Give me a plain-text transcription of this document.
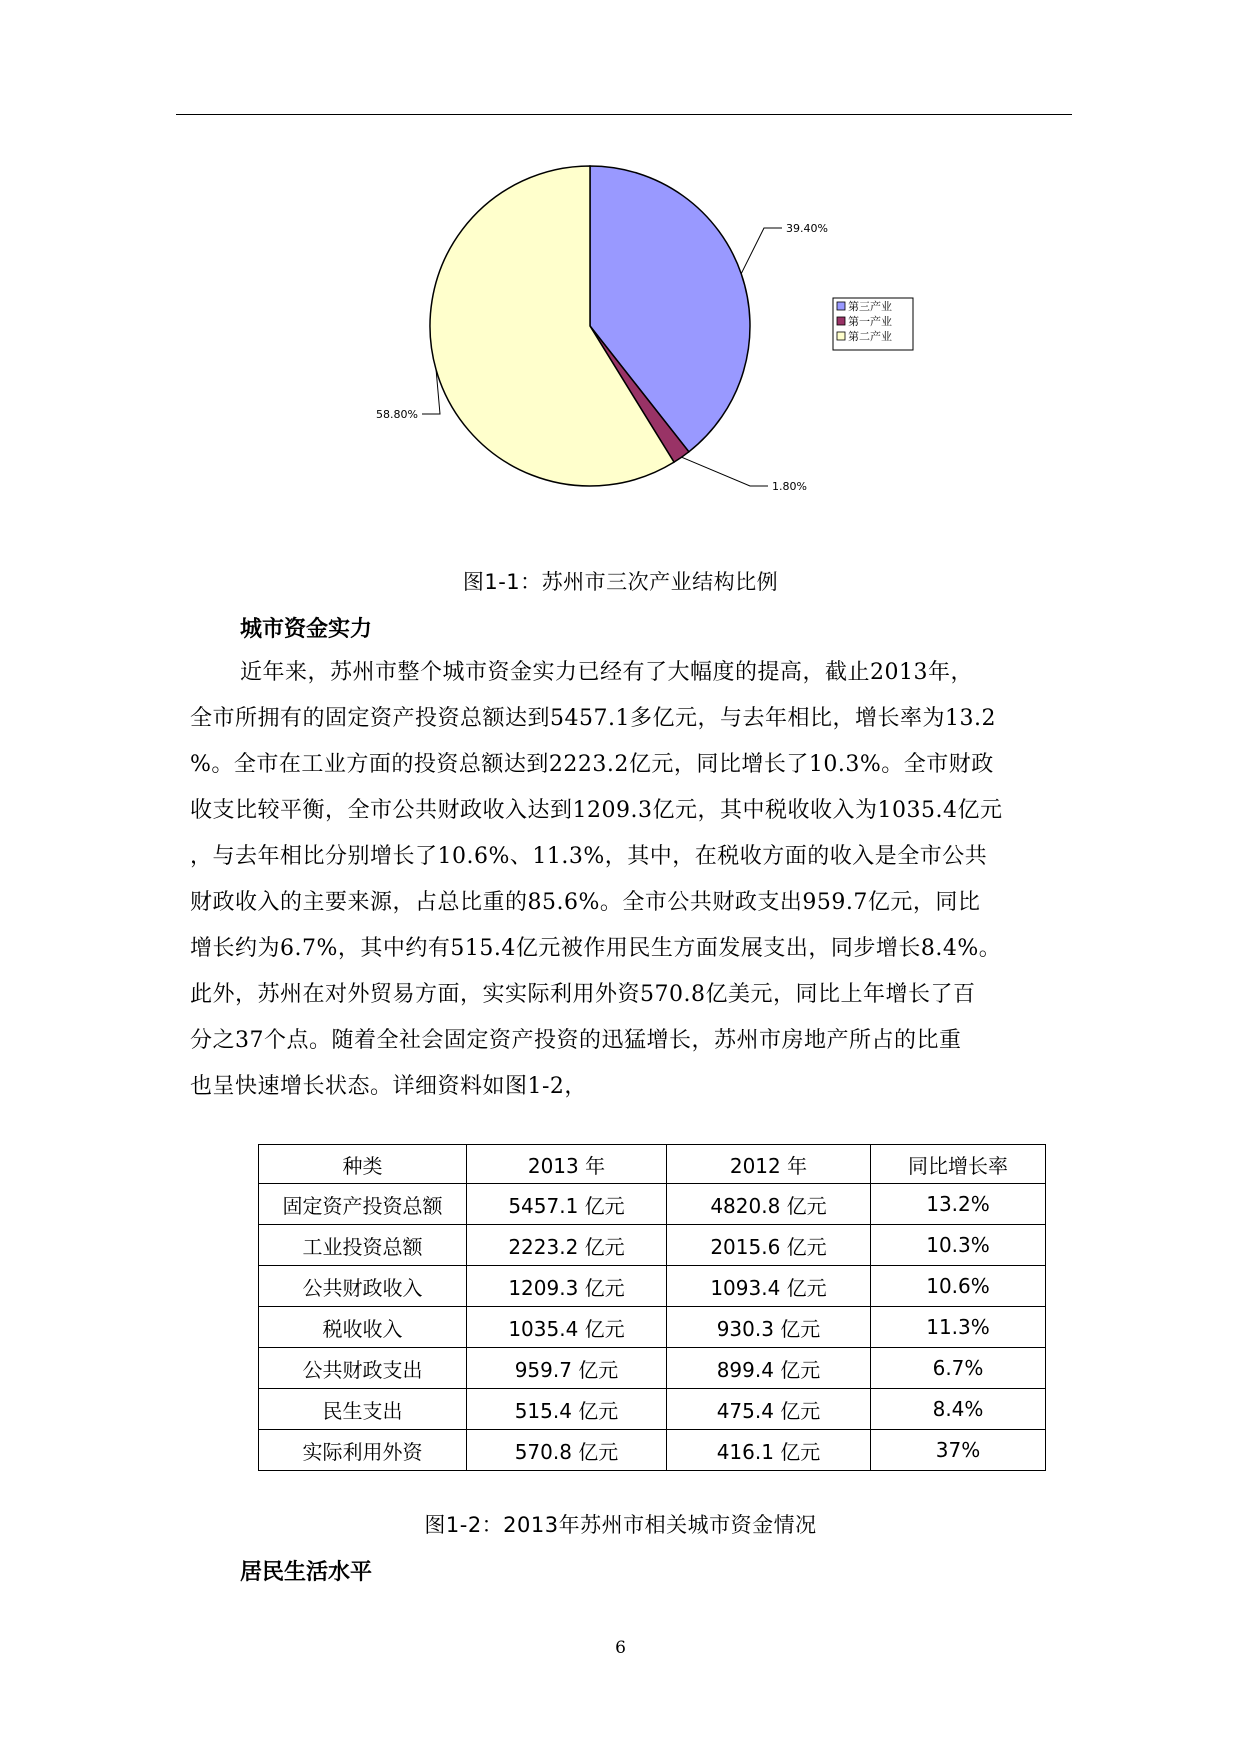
39.40%
1.80%
58.80%
第三产业
第一产业
第二产业
图1-1：苏州市三次产业结构比例
城市资金实力
近年来，苏州市整个城市资金实力已经有了大幅度的提高，截止2013年，
全市所拥有的固定资产投资总额达到5457.1多亿元，与去年相比，增长率为13.2
%。全市在工业方面的投资总额达到2223.2亿元，同比增长了10.3%。全市财政
收支比较平衡，全市公共财政收入达到1209.3亿元，其中税收收入为1035.4亿元
，与去年相比分别增长了10.6%、11.3%，其中，在税收方面的收入是全市公共
财政收入的主要来源，占总比重的85.6%。全市公共财政支出959.7亿元，同比
增长约为6.7%，其中约有515.4亿元被作用民生方面发展支出，同步增长8.4%。
此外，苏州在对外贸易方面，实实际利用外资570.8亿美元，同比上年增长了百
分之37个点。随着全社会固定资产投资的迅猛增长，苏州市房地产所占的比重
也呈快速增长状态。详细资料如图1-2，
种类	2013 年	2012 年	同比增长率
固定资产投资总额	5457.1 亿元	4820.8 亿元	13.2%
工业投资总额	2223.2 亿元	2015.6 亿元	10.3%
公共财政收入	1209.3 亿元	1093.4 亿元	10.6%
税收收入	1035.4 亿元	930.3 亿元	11.3%
公共财政支出	959.7 亿元	899.4 亿元	6.7%
民生支出	515.4 亿元	475.4 亿元	8.4%
实际利用外资	570.8 亿元	416.1 亿元	37%
图1-2：2013年苏州市相关城市资金情况
居民生活水平
6
